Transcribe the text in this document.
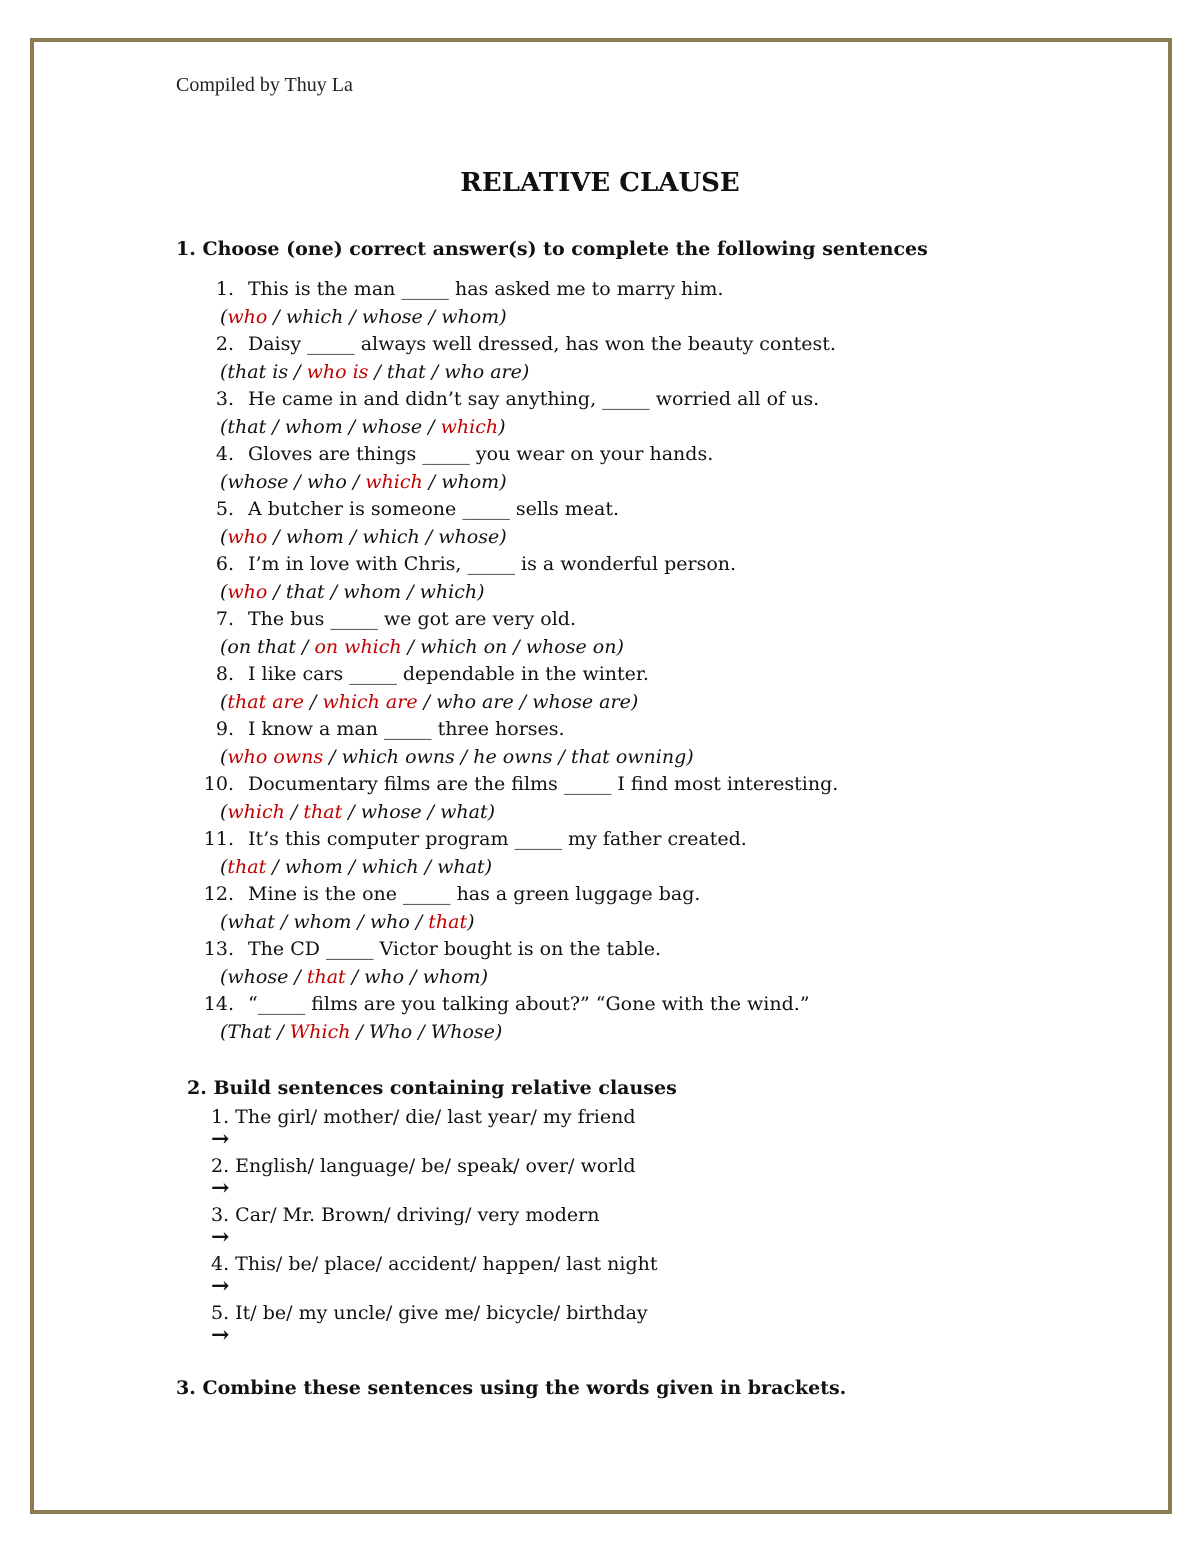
Compiled by Thuy La
RELATIVE CLAUSE
1. Choose (one) correct answer(s) to complete the following sentences
1. This is the man _____ has asked me to marry him.
(who / which / whose / whom)
2. Daisy _____ always well dressed, has won the beauty contest.
(that is / who is / that / who are)
3. He came in and didn’t say anything, _____ worried all of us.
(that / whom / whose / which)
4. Gloves are things _____ you wear on your hands.
(whose / who / which / whom)
5. A butcher is someone _____ sells meat.
(who / whom / which / whose)
6. I’m in love with Chris, _____ is a wonderful person.
(who / that / whom / which)
7. The bus _____ we got are very old.
(on that / on which / which on / whose on)
8. I like cars _____ dependable in the winter.
(that are / which are / who are / whose are)
9. I know a man _____ three horses.
(who owns / which owns / he owns / that owning)
10. Documentary films are the films _____ I find most interesting.
(which / that / whose / what)
11. It’s this computer program _____ my father created.
(that / whom / which / what)
12. Mine is the one _____ has a green luggage bag.
(what / whom / who / that)
13. The CD _____ Victor bought is on the table.
(whose / that / who / whom)
14. “_____ films are you talking about?” “Gone with the wind.”
(That / Which / Who / Whose)
2. Build sentences containing relative clauses
1. The girl/ mother/ die/ last year/ my friend
→
2. English/ language/ be/ speak/ over/ world
→
3. Car/ Mr. Brown/ driving/ very modern
→
4. This/ be/ place/ accident/ happen/ last night
→
5. It/ be/ my uncle/ give me/ bicycle/ birthday
→
3. Combine these sentences using the words given in brackets.
